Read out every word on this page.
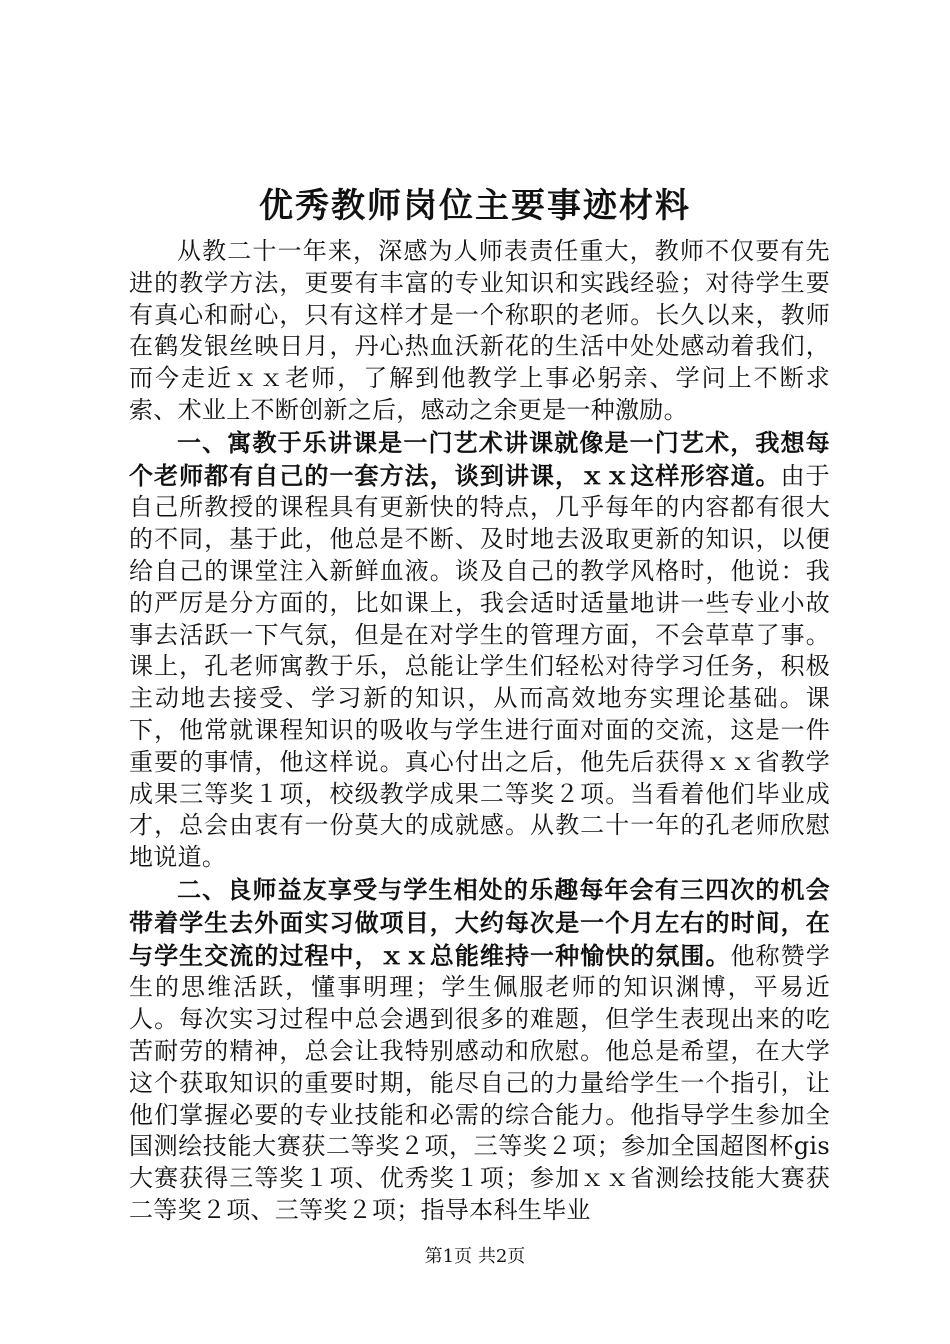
优秀教师岗位主要事迹材料

从教二十一年来，深感为人师表责任重大，教师不仅要有先进的教学方法，更要有丰富的专业知识和实践经验；对待学生要有真心和耐心，只有这样才是一个称职的老师。长久以来，教师在鹤发银丝映日月，丹心热血沃新花的生活中处处感动着我们，而今走近ｘｘ老师，了解到他教学上事必躬亲、学问上不断求索、术业上不断创新之后，感动之余更是一种激励。

一、寓教于乐讲课是一门艺术讲课就像是一门艺术，我想每个老师都有自己的一套方法，谈到讲课，ｘｘ这样形容道。由于自己所教授的课程具有更新快的特点，几乎每年的内容都有很大的不同，基于此，他总是不断、及时地去汲取更新的知识，以便给自己的课堂注入新鲜血液。谈及自己的教学风格时，他说：我的严厉是分方面的，比如课上，我会适时适量地讲一些专业小故事去活跃一下气氛，但是在对学生的管理方面，不会草草了事。课上，孔老师寓教于乐，总能让学生们轻松对待学习任务，积极主动地去接受、学习新的知识，从而高效地夯实理论基础。课下，他常就课程知识的吸收与学生进行面对面的交流，这是一件重要的事情，他这样说。真心付出之后，他先后获得ｘｘ省教学成果三等奖１项，校级教学成果二等奖２项。当看着他们毕业成才，总会由衷有一份莫大的成就感。从教二十一年的孔老师欣慰地说道。

二、良师益友享受与学生相处的乐趣每年会有三四次的机会带着学生去外面实习做项目，大约每次是一个月左右的时间，在与学生交流的过程中，ｘｘ总能维持一种愉快的氛围。他称赞学生的思维活跃，懂事明理；学生佩服老师的知识渊博，平易近人。每次实习过程中总会遇到很多的难题，但学生表现出来的吃苦耐劳的精神，总会让我特别感动和欣慰。他总是希望，在大学这个获取知识的重要时期，能尽自己的力量给学生一个指引，让他们掌握必要的专业技能和必需的综合能力。他指导学生参加全国测绘技能大赛获二等奖２项，三等奖２项；参加全国超图杯gis大赛获得三等奖１项、优秀奖１项；参加ｘｘ省测绘技能大赛获二等奖２项、三等奖２项；指导本科生毕业

第1页 共2页
